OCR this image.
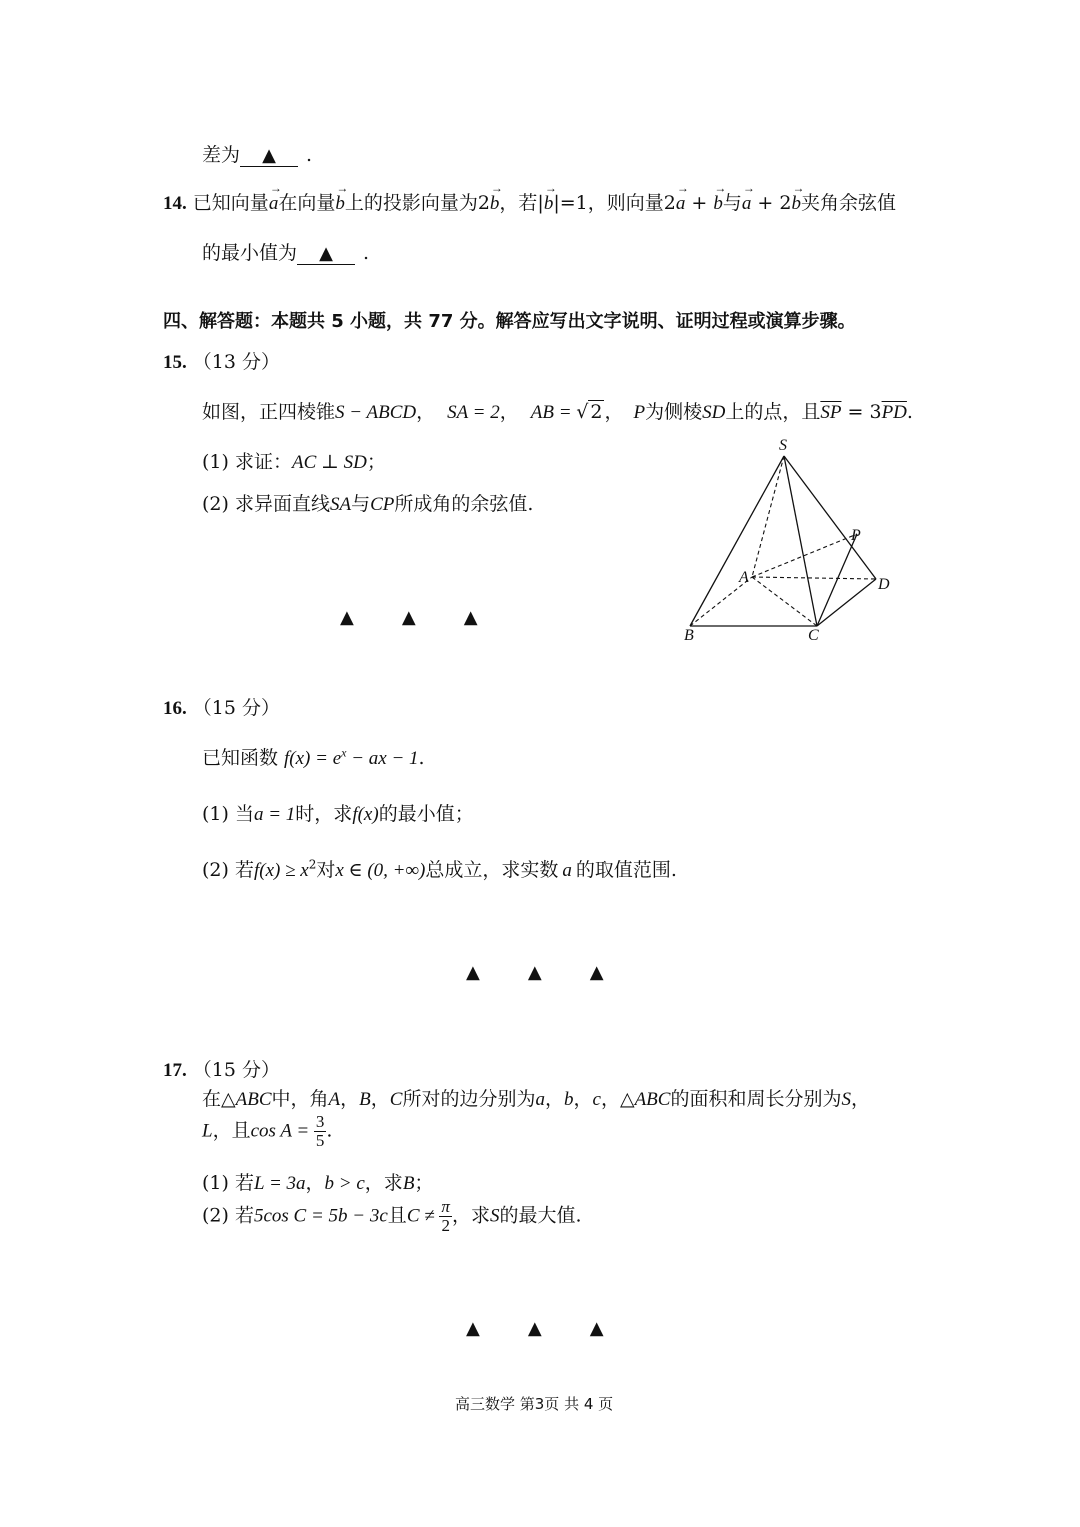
差为 ▲ .
14. 已知向量→ a在向量→ b上的投影向量为2→ b，若|→ b|=1，则向量2→ a + → b与→ a + 2→ b夹角余弦值
的最小值为 ▲ .
四、解答题：本题共 5 小题，共 77 分。解答应写出文字说明、证明过程或演算步骤。
15. （13 分）
如图，正四棱锥S − ABCD， SA = 2， AB = √ 2 ， P为侧棱SD上的点，且$\overline{SP} = 3\overline{PD}$.
(1) 求证：AC ⊥ SD；
(2) 求异面直线SA与CP所成角的余弦值.
▲	▲	▲
S
P
A	D
B	C
16. （15 分）
已知函数 $f(x) = e^x$ − ax − 1.
(1) 当a = 1时，求f(x)的最小值；
(2) 若$f(x) \ge x^2$对x ∈ (0, +∞)总成立，求实数 a 的取值范围.
▲	▲	▲
17. （15 分）
在△ABC中，角A，B，C所对的边分别为a，b，c，△ABC的面积和周长分别为S，
L，且$\cos A = \frac{3}{5}$ .
(1) 若L = 3a，b > c，求B；
(2) 若5cos C = 5b − 3c且$C \ne \frac{\pi}{2}$ ，求S的最大值.
▲	▲	▲
高三数学 第3页 共 4 页
